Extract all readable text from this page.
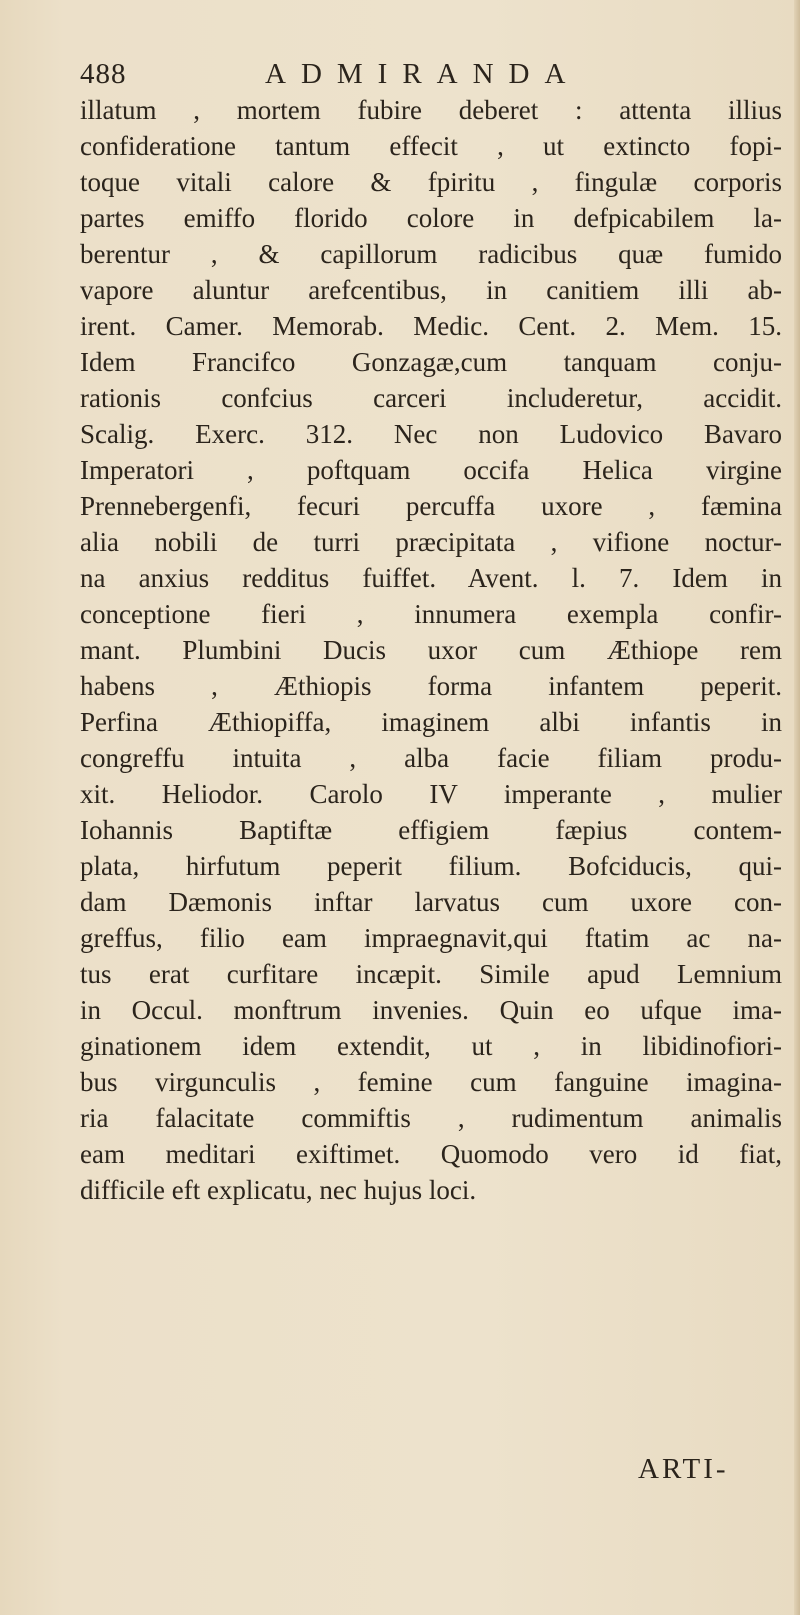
488	ADMIRANDA
illatum , mortem fubire deberet : attenta illius
confideratione tantum effecit , ut extincto fopi-
toque vitali calore & fpiritu , fingulæ corporis
partes emiffo florido colore in defpicabilem la-
berentur , & capillorum radicibus quæ fumido
vapore aluntur arefcentibus, in canitiem illi ab-
irent. Camer. Memorab. Medic. Cent. 2. Mem. 15.
Idem Francifco Gonzagæ,cum tanquam conju-
rationis confcius carceri includeretur, accidit.
Scalig. Exerc. 312. Nec non Ludovico Bavaro
Imperatori , poftquam occifa Helica virgine
Prennebergenfi, fecuri percuffa uxore , fæmina
alia nobili de turri præcipitata , vifione noctur-
na anxius redditus fuiffet. Avent. l. 7. Idem in
conceptione fieri , innumera exempla confir-
mant. Plumbini Ducis uxor cum Æthiope rem
habens , Æthiopis forma infantem peperit.
Perfina Æthiopiffa, imaginem albi infantis in
congreffu intuita , alba facie filiam produ-
xit. Heliodor. Carolo IV imperante , mulier
Iohannis Baptiftæ effigiem fæpius contem-
plata, hirfutum peperit filium. Bofciducis, qui-
dam Dæmonis inftar larvatus cum uxore con-
greffus, filio eam impraegnavit,qui ftatim ac na-
tus erat curfitare incæpit. Simile apud Lemnium
in Occul. monftrum invenies. Quin eo ufque ima-
ginationem idem extendit, ut , in libidinofiori-
bus virgunculis , femine cum fanguine imagina-
ria falacitate commiftis , rudimentum animalis
eam meditari exiftimet. Quomodo vero id fiat,
difficile eft explicatu, nec hujus loci.
ARTI-
